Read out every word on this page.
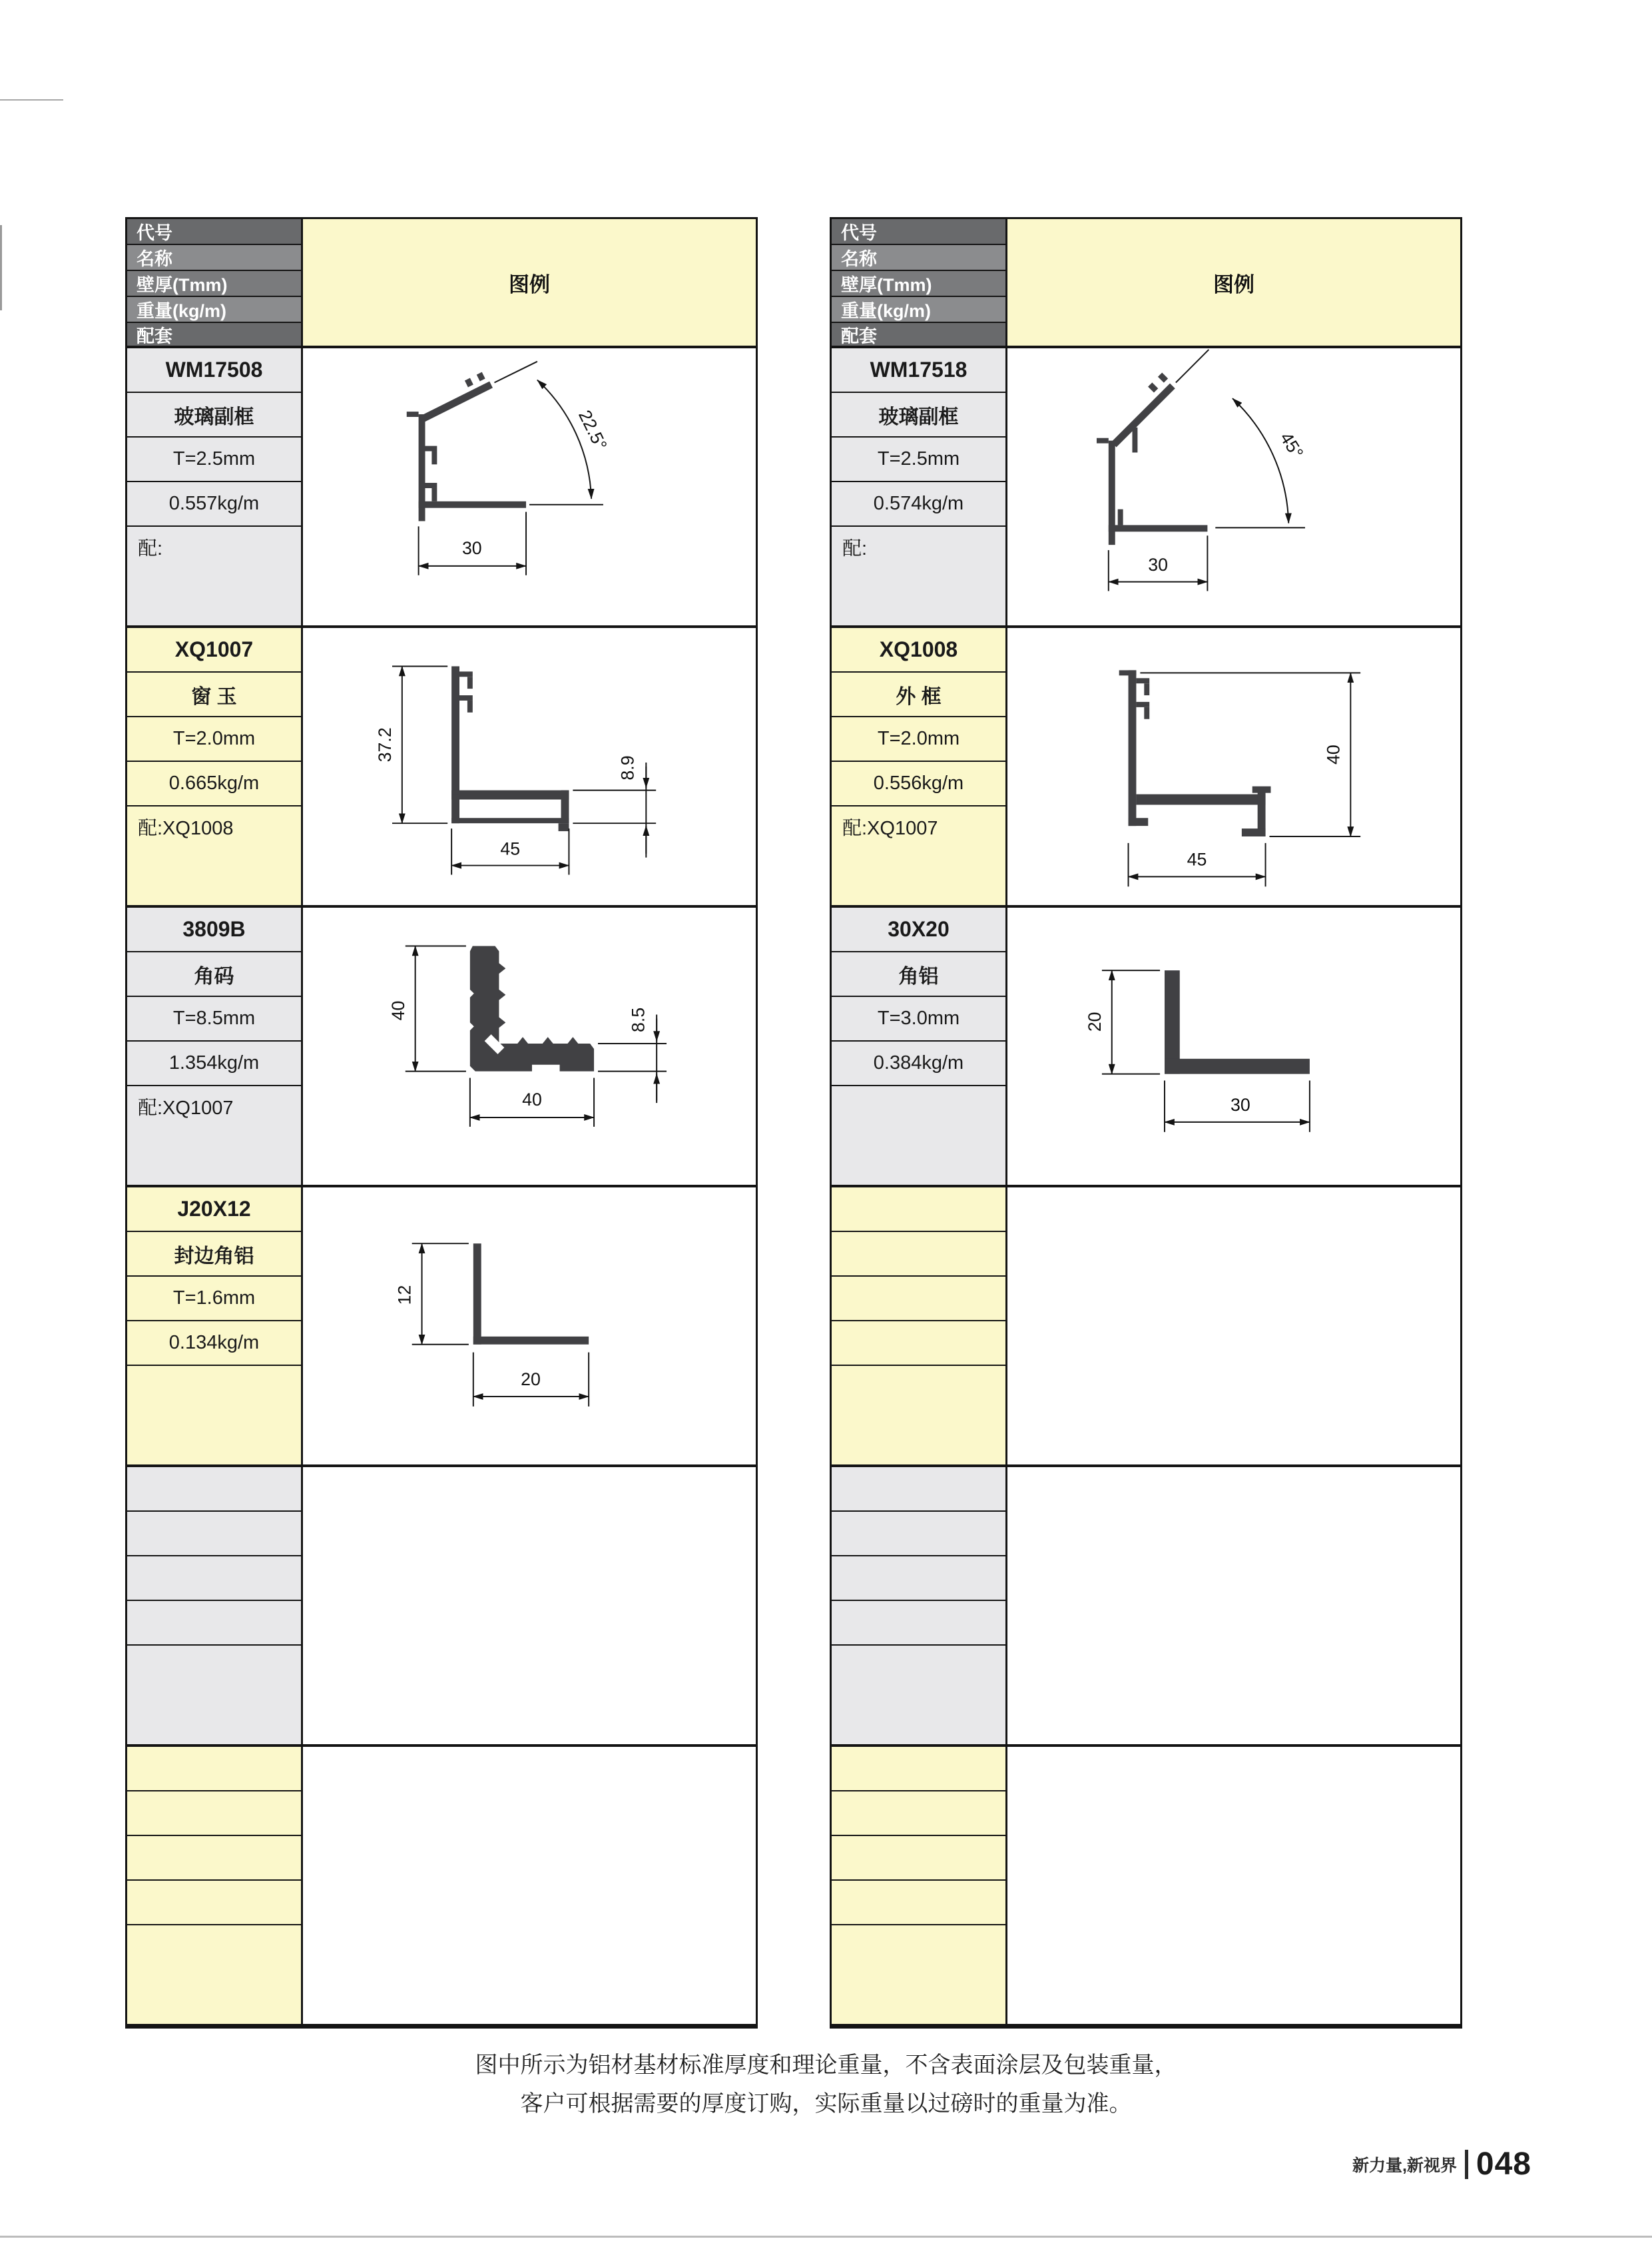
代号
名称
壁厚(Tmm)
重量(kg/m)
配套
图例
WM17508
玻璃副框
T=2.5mm
0.557kg/m
配:
22.5°
30
XQ1007
窗 玉
T=2.0mm
0.665kg/m
配:XQ1008
37.2
8.9
45
3809B
角码
T=8.5mm
1.354kg/m
配:XQ1007
40	8.5
40
J20X12
封边角铝
T=1.6mm
0.134kg/m
12
20
代号
名称
壁厚(Tmm)
重量(kg/m)
配套
图例
WM17518
玻璃副框
T=2.5mm
0.574kg/m
配:
45°
30
XQ1008
外 框
T=2.0mm
0.556kg/m
配:XQ1007
40
45
30X20
角铝
T=3.0mm
0.384kg/m
20
30
图中所示为铝材基材标准厚度和理论重量，不含表面涂层及包装重量，
客户可根据需要的厚度订购，实际重量以过磅时的重量为准。
新力量,新视界 048
